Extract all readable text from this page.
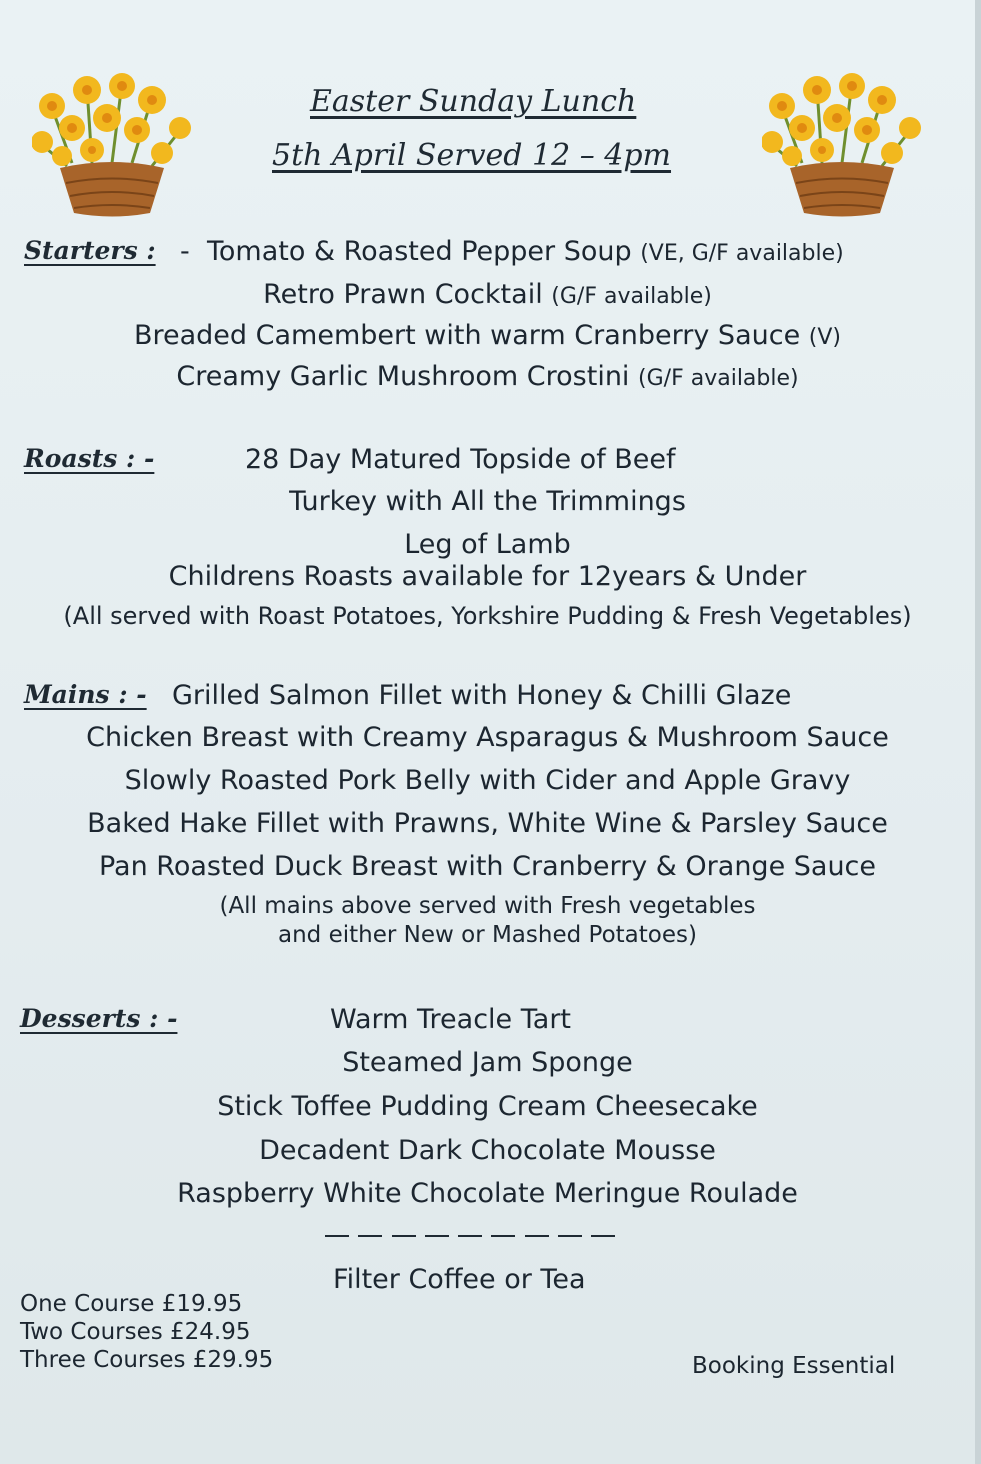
Easter Sunday Lunch
5th April Served 12 – 4pm
Starters : - Tomato & Roasted Pepper Soup (VE, G/F available)
Retro Prawn Cocktail (G/F available)
Breaded Camembert with warm Cranberry Sauce (V)
Creamy Garlic Mushroom Crostini (G/F available)
Roasts : -	28 Day Matured Topside of Beef
Turkey with All the Trimmings
Leg of Lamb
Childrens Roasts available for 12years & Under
(All served with Roast Potatoes, Yorkshire Pudding & Fresh Vegetables)
Mains : - Grilled Salmon Fillet with Honey & Chilli Glaze
Chicken Breast with Creamy Asparagus & Mushroom Sauce
Slowly Roasted Pork Belly with Cider and Apple Gravy
Baked Hake Fillet with Prawns, White Wine & Parsley Sauce
Pan Roasted Duck Breast with Cranberry & Orange Sauce
(All mains above served with Fresh vegetables
and either New or Mashed Potatoes)
Desserts : -	Warm Treacle Tart
Steamed Jam Sponge
Stick Toffee Pudding Cream Cheesecake
Decadent Dark Chocolate Mousse
Raspberry White Chocolate Meringue Roulade
Filter Coffee or Tea
One Course £19.95
Two Courses £24.95
Three Courses £29.95	Booking Essential
